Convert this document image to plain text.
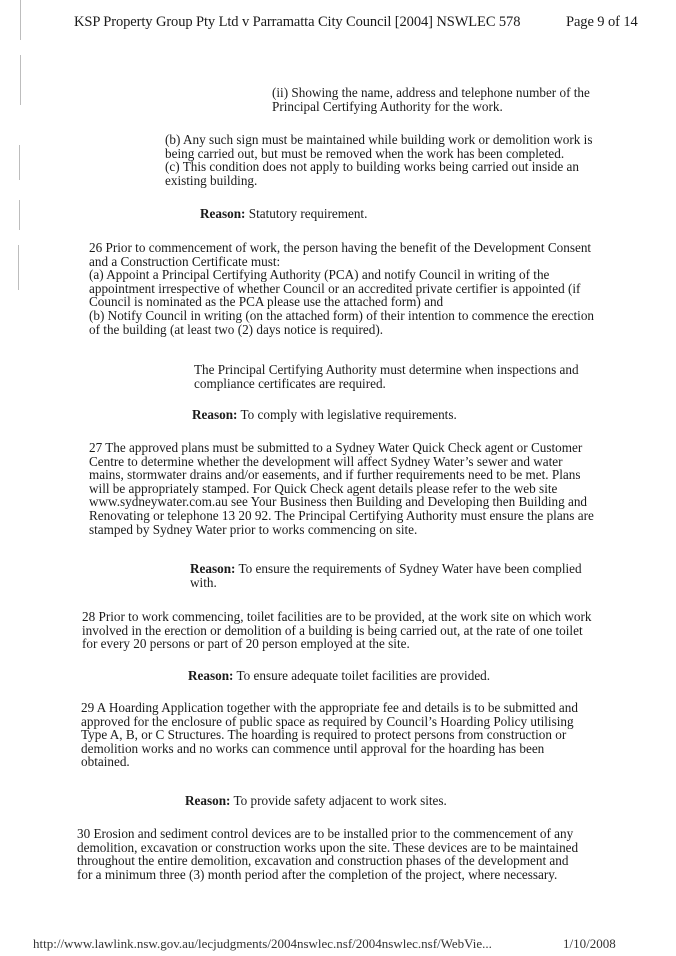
KSP Property Group Pty Ltd v Parramatta City Council [2004] NSWLEC 578	Page 9 of 14
(ii) Showing the name, address and telephone number of the
Principal Certifying Authority for the work.
(b) Any such sign must be maintained while building work or demolition work is
being carried out, but must be removed when the work has been completed.
(c) This condition does not apply to building works being carried out inside an
existing building.
Reason: Statutory requirement.
26 Prior to commencement of work, the person having the benefit of the Development Consent
and a Construction Certificate must:
(a) Appoint a Principal Certifying Authority (PCA) and notify Council in writing of the
appointment irrespective of whether Council or an accredited private certifier is appointed (if
Council is nominated as the PCA please use the attached form) and
(b) Notify Council in writing (on the attached form) of their intention to commence the erection
of the building (at least two (2) days notice is required).
The Principal Certifying Authority must determine when inspections and
compliance certificates are required.
Reason: To comply with legislative requirements.
27 The approved plans must be submitted to a Sydney Water Quick Check agent or Customer
Centre to determine whether the development will affect Sydney Water’s sewer and water
mains, stormwater drains and/or easements, and if further requirements need to be met. Plans
will be appropriately stamped. For Quick Check agent details please refer to the web site
www.sydneywater.com.au see Your Business then Building and Developing then Building and
Renovating or telephone 13 20 92. The Principal Certifying Authority must ensure the plans are
stamped by Sydney Water prior to works commencing on site.
Reason: To ensure the requirements of Sydney Water have been complied
with.
28 Prior to work commencing, toilet facilities are to be provided, at the work site on which work
involved in the erection or demolition of a building is being carried out, at the rate of one toilet
for every 20 persons or part of 20 person employed at the site.
Reason: To ensure adequate toilet facilities are provided.
29 A Hoarding Application together with the appropriate fee and details is to be submitted and
approved for the enclosure of public space as required by Council’s Hoarding Policy utilising
Type A, B, or C Structures. The hoarding is required to protect persons from construction or
demolition works and no works can commence until approval for the hoarding has been
obtained.
Reason: To provide safety adjacent to work sites.
30 Erosion and sediment control devices are to be installed prior to the commencement of any
demolition, excavation or construction works upon the site. These devices are to be maintained
throughout the entire demolition, excavation and construction phases of the development and
for a minimum three (3) month period after the completion of the project, where necessary.
http://www.lawlink.nsw.gov.au/lecjudgments/2004nswlec.nsf/2004nswlec.nsf/WebVie...	1/10/2008
